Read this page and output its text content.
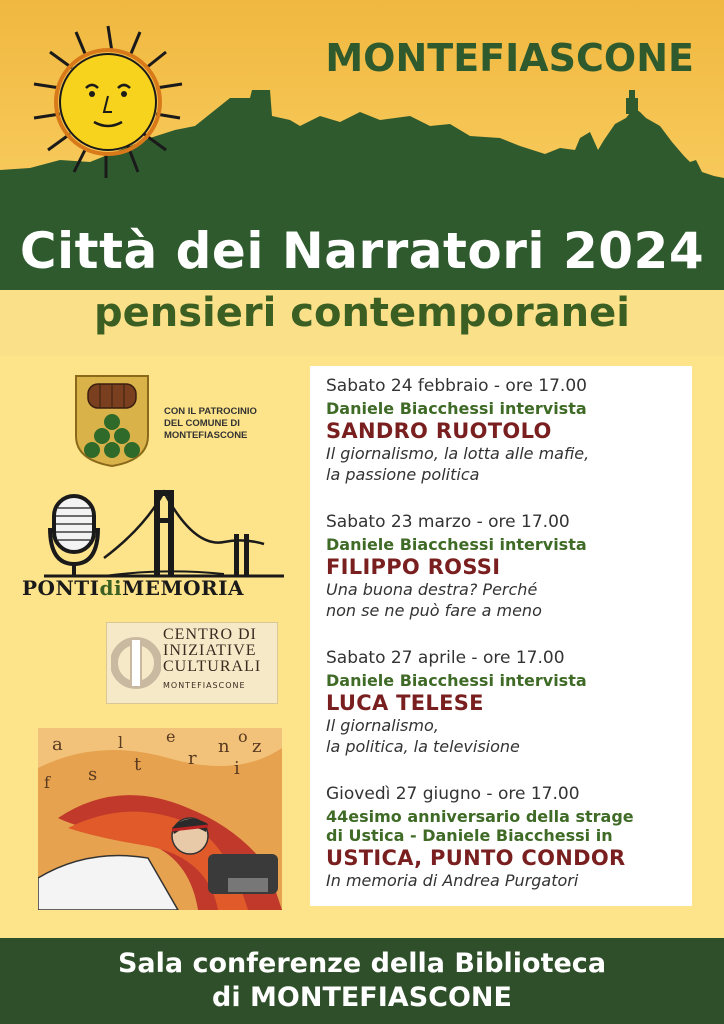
MONTEFIASCONE
Città dei Narratori 2024
pensieri contemporanei
CON IL PATROCINIO
DEL COMUNE DI
MONTEFIASCONE
PONTIdiMEMORIA
CENTRO DI
INIZIATIVE
CULTURALI
MONTEFIASCONE
a
s t	r
n
i
z
e	o
f
l
Sabato 24 febbraio - ore 17.00
Daniele Biacchessi intervista
SANDRO RUOTOLO
Il giornalismo, la lotta alle mafie,
la passione politica
Sabato 23 marzo - ore 17.00
Daniele Biacchessi intervista
FILIPPO ROSSI
Una buona destra? Perché
non se ne può fare a meno
Sabato 27 aprile - ore 17.00
Daniele Biacchessi intervista
LUCA TELESE
Il giornalismo,
la politica, la televisione
Giovedì 27 giugno - ore 17.00
44esimo anniversario della strage
di Ustica - Daniele Biacchessi in
USTICA, PUNTO CONDOR
In memoria di Andrea Purgatori
Sala conferenze della Biblioteca
di MONTEFIASCONE
